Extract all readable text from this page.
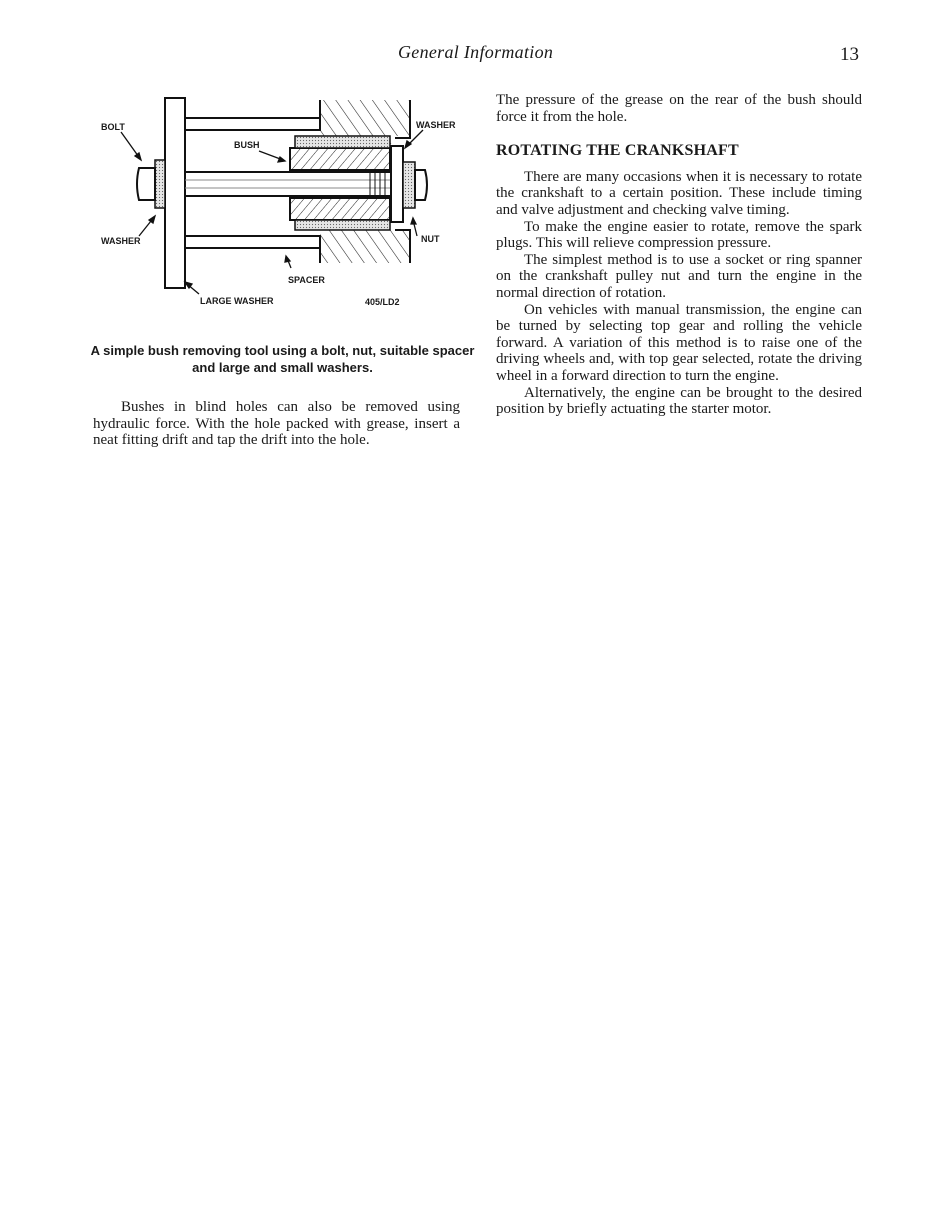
General Information	13
BOLT
WASHER
BUSH
WASHER
NUT
SPACER
LARGE WASHER	405/LD2
A simple bush removing tool using a bolt, nut, suitable spacer and large and small washers.

Bushes in blind holes can also be removed using hydraulic force. With the hole packed with grease, insert a neat fitting drift and tap the drift into the hole.

The pressure of the grease on the rear of the bush should force it from the hole.

ROTATING THE CRANKSHAFT

There are many occasions when it is necessary to rotate the crankshaft to a certain position. These include timing and valve adjustment and checking valve timing.

To make the engine easier to rotate, remove the spark plugs. This will relieve compression pressure.

The simplest method is to use a socket or ring spanner on the crankshaft pulley nut and turn the engine in the normal direction of rotation.

On vehicles with manual transmission, the engine can be turned by selecting top gear and rolling the vehicle forward. A variation of this method is to raise one of the driving wheels and, with top gear selected, rotate the driving wheel in a forward direction to turn the engine.

Alternatively, the engine can be brought to the desired position by briefly actuating the starter motor.
